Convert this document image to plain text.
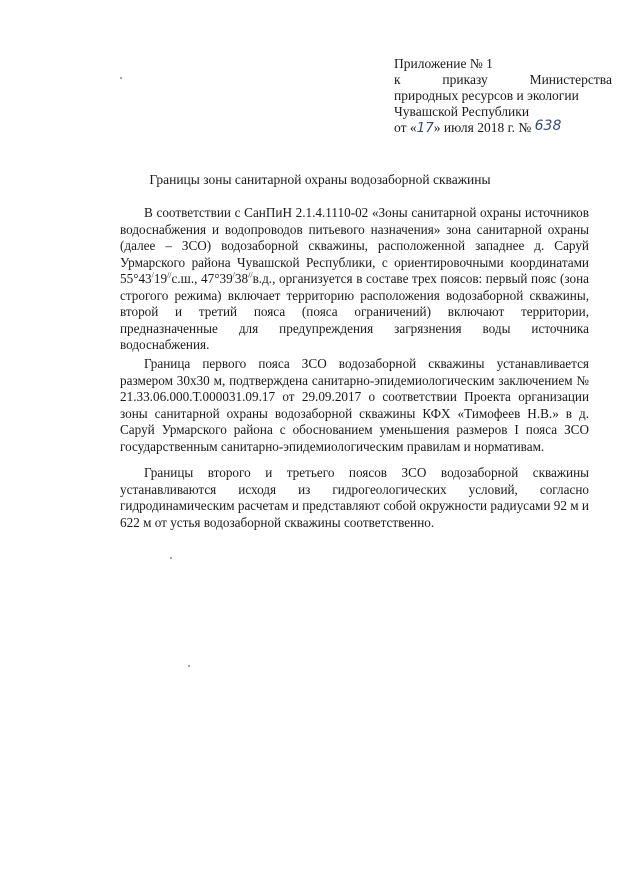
Приложение № 1
к	приказу	Министерства
природных ресурсов и экологии
Чувашской Республики
от «17» июля 2018 г. № 638
Границы зоны санитарной охраны водозаборной скважины
В соответствии с СанПиН 2.1.4.1110-02 «Зоны санитарной охраны источников водоснабжения и водопроводов питьевого назначения» зона санитарной охраны (далее – ЗСО) водозаборной скважины, расположенной западнее д. Саруй Урмарского района Чувашской Республики, с ориентировочными координатами 55°43/19//с.ш., 47°39/38//в.д., организуется в составе трех поясов: первый пояс (зона строгого режима) включает территорию расположения водозаборной скважины, второй и третий пояса (пояса ограничений) включают территории, предназначенные для предупреждения загрязнения воды источника водоснабжения.
Граница первого пояса ЗСО водозаборной скважины устанавливается размером 30х30 м, подтверждена санитарно-эпидемиологическим заключением № 21.33.06.000.Т.000031.09.17 от 29.09.2017 о соответствии Проекта организации зоны санитарной охраны водозаборной скважины КФХ «Тимофеев Н.В.» в д. Саруй Урмарского района с обоснованием уменьшения размеров I пояса ЗСО государственным санитарно-эпидемиологическим правилам и нормативам.
Границы второго и третьего поясов ЗСО водозаборной скважины устанавливаются исходя из гидрогеологических условий, согласно гидродинамическим расчетам и представляют собой окружности радиусами 92 м и 622 м от устья водозаборной скважины соответственно.
